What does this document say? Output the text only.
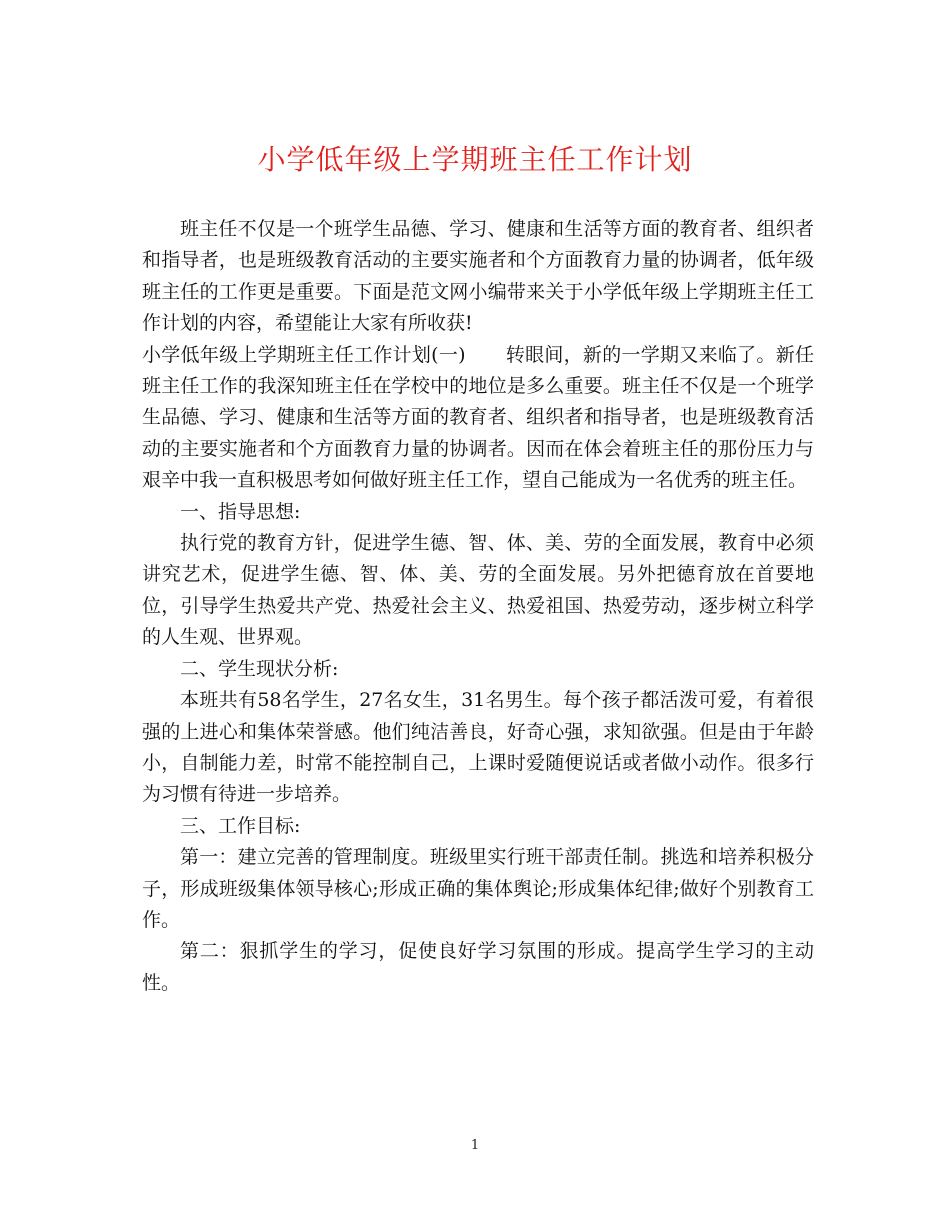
小学低年级上学期班主任工作计划

班主任不仅是一个班学生品德、学习、健康和生活等方面的教育者、组织者和指导者，也是班级教育活动的主要实施者和个方面教育力量的协调者，低年级班主任的工作更是重要。下面是范文网小编带来关于小学低年级上学期班主任工作计划的内容，希望能让大家有所收获!

小学低年级上学期班主任工作计划(一) 转眼间，新的一学期又来临了。新任班主任工作的我深知班主任在学校中的地位是多么重要。班主任不仅是一个班学生品德、学习、健康和生活等方面的教育者、组织者和指导者，也是班级教育活动的主要实施者和个方面教育力量的协调者。因而在体会着班主任的那份压力与艰辛中我一直积极思考如何做好班主任工作，望自己能成为一名优秀的班主任。

一、指导思想:

执行党的教育方针，促进学生德、智、体、美、劳的全面发展，教育中必须讲究艺术，促进学生德、智、体、美、劳的全面发展。另外把德育放在首要地位，引导学生热爱共产党、热爱社会主义、热爱祖国、热爱劳动，逐步树立科学的人生观、世界观。

二、学生现状分析:

本班共有58名学生，27名女生，31名男生。每个孩子都活泼可爱，有着很强的上进心和集体荣誉感。他们纯洁善良，好奇心强，求知欲强。但是由于年龄小，自制能力差，时常不能控制自己，上课时爱随便说话或者做小动作。很多行为习惯有待进一步培养。

三、工作目标:

第一：建立完善的管理制度。班级里实行班干部责任制。挑选和培养积极分子，形成班级集体领导核心;形成正确的集体舆论;形成集体纪律;做好个别教育工作。

第二：狠抓学生的学习，促使良好学习氛围的形成。提高学生学习的主动性。

1
